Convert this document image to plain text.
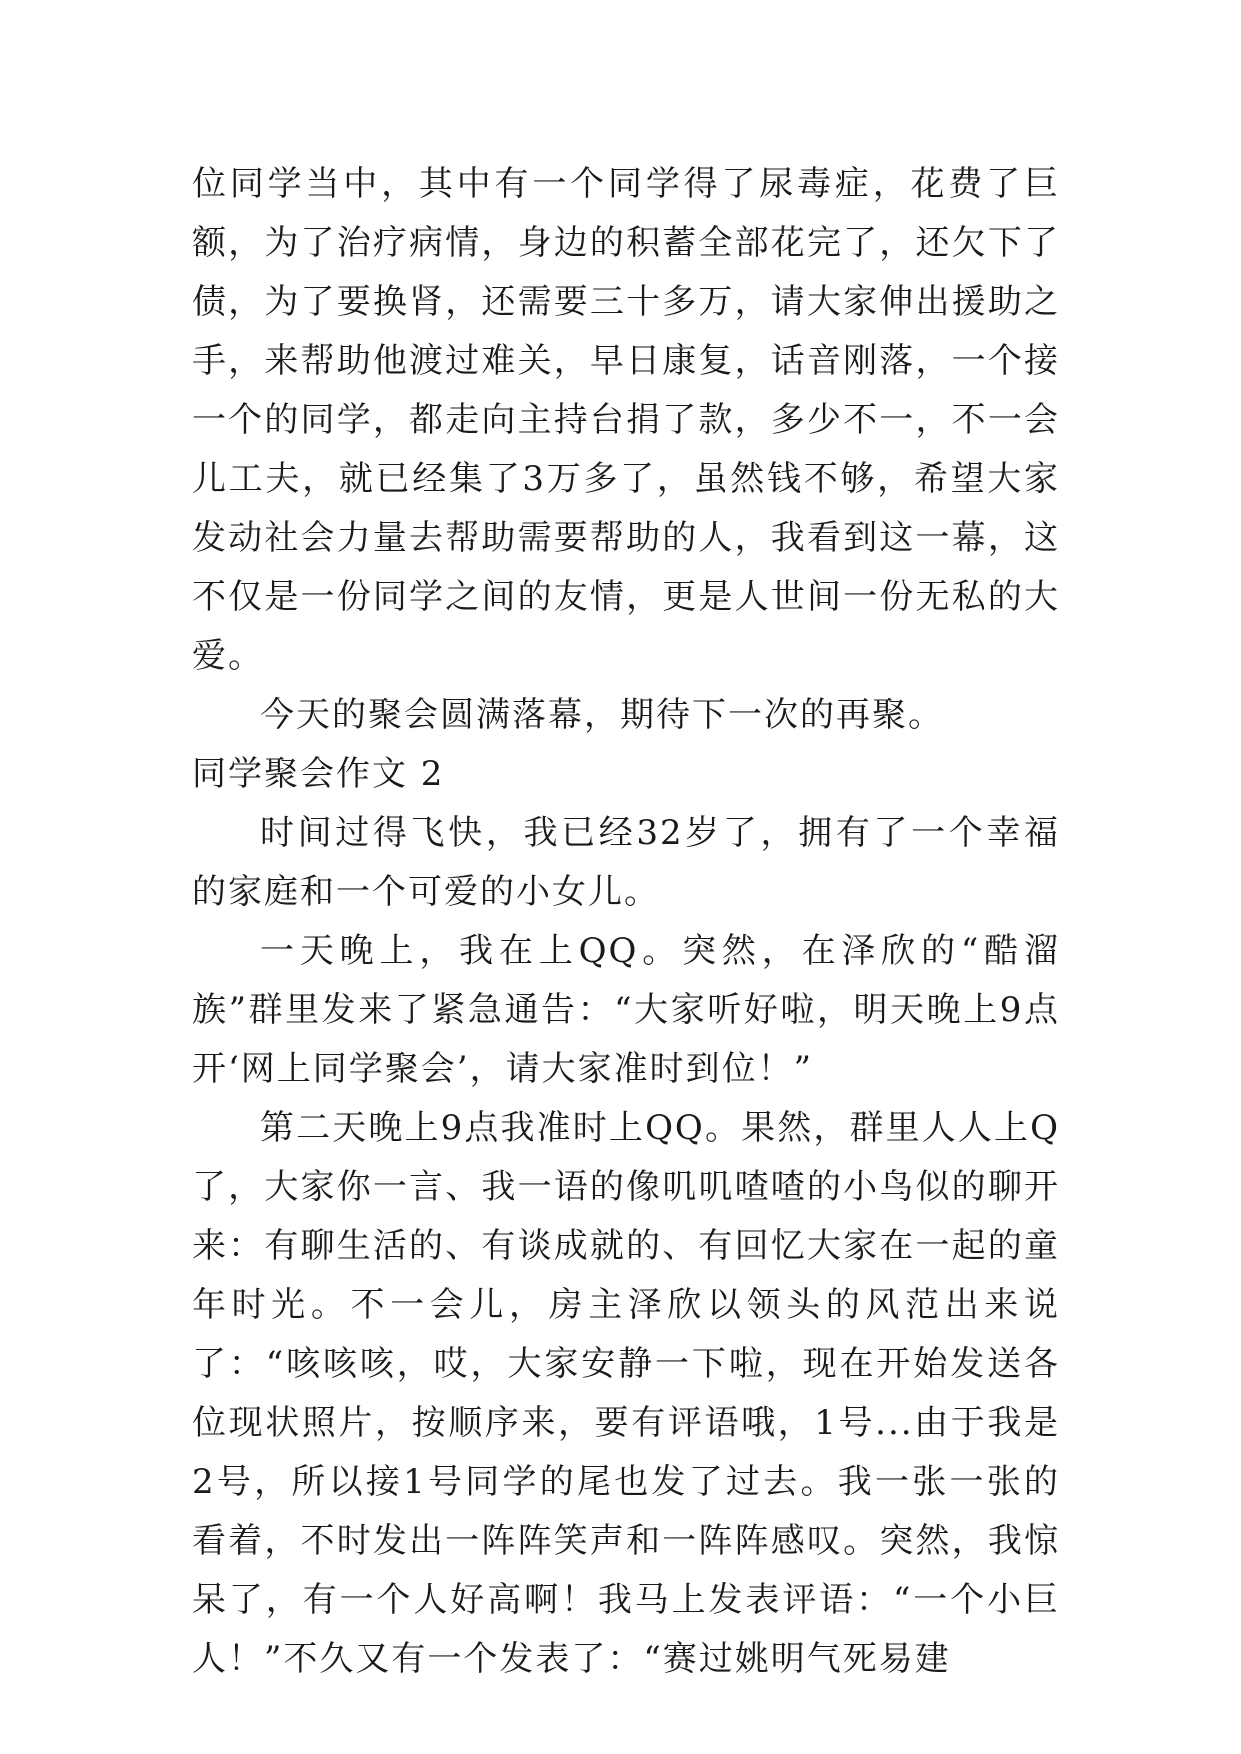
位同学当中，其中有一个同学得了尿毒症，花费了巨额，为了治疗病情，身边的积蓄全部花完了，还欠下了债，为了要换肾，还需要三十多万，请大家伸出援助之手，来帮助他渡过难关，早日康复，话音刚落，一个接一个的同学，都走向主持台捐了款，多少不一，不一会儿工夫，就已经集了3万多了，虽然钱不够，希望大家发动社会力量去帮助需要帮助的人，我看到这一幕，这不仅是一份同学之间的友情，更是人世间一份无私的大爱。

今天的聚会圆满落幕，期待下一次的再聚。

同学聚会作文 2

时间过得飞快，我已经32岁了，拥有了一个幸福的家庭和一个可爱的小女儿。

一天晚上，我在上QQ。突然，在泽欣的“酷溜族”群里发来了紧急通告：“大家听好啦，明天晚上9点开‘网上同学聚会’，请大家准时到位！”

第二天晚上9点我准时上QQ。果然，群里人人上Q了，大家你一言、我一语的像叽叽喳喳的小鸟似的聊开来：有聊生活的、有谈成就的、有回忆大家在一起的童年时光。不一会儿，房主泽欣以领头的风范出来说了：“咳咳咳，哎，大家安静一下啦，现在开始发送各位现状照片，按顺序来，要有评语哦，1号...由于我是2号，所以接1号同学的尾也发了过去。我一张一张的看着，不时发出一阵阵笑声和一阵阵感叹。突然，我惊呆了，有一个人好高啊！我马上发表评语：“一个小巨人！”不久又有一个发表了：“赛过姚明气死易建
